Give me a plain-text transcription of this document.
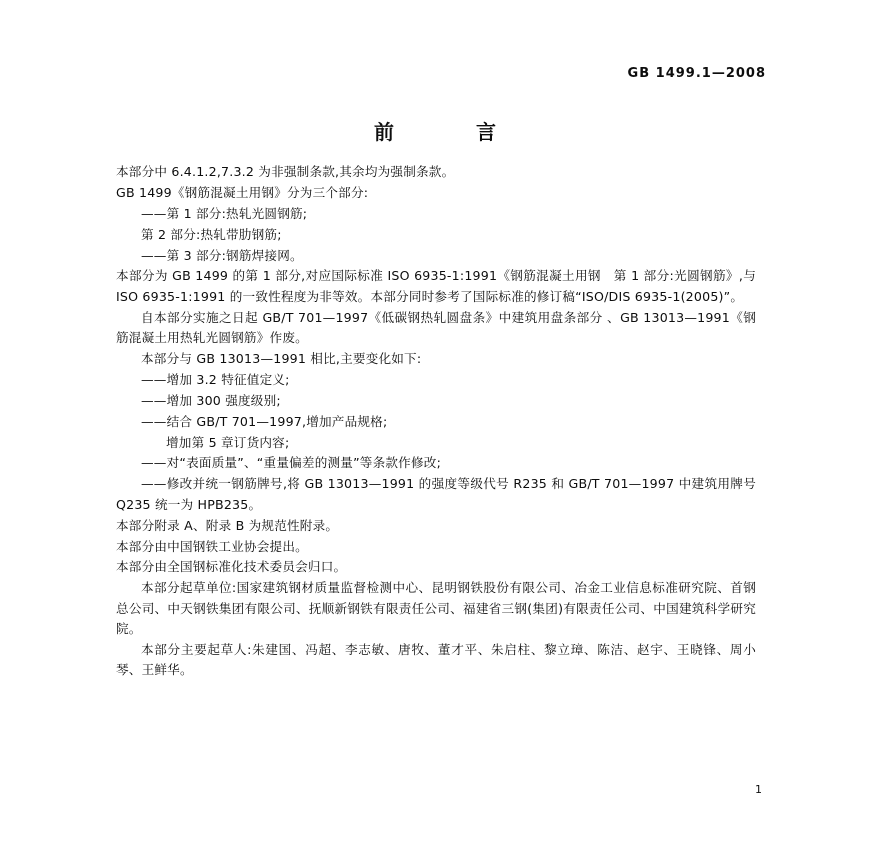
GB 1499.1—2008
前　　言

本部分中 6.4.1.2,7.3.2 为非强制条款,其余均为强制条款。

GB 1499《钢筋混凝土用钢》分为三个部分:

——第 1 部分:热轧光圆钢筋;

第 2 部分:热轧带肋钢筋;

——第 3 部分:钢筋焊接网。

本部分为 GB 1499 的第 1 部分,对应国际标准 ISO 6935-1:1991《钢筋混凝土用钢　第 1 部分:光圆钢筋》,与 ISO 6935-1:1991 的一致性程度为非等效。本部分同时参考了国际标准的修订稿“ISO/DIS 6935-1(2005)”。

自本部分实施之日起 GB/T 701—1997《低碳钢热轧圆盘条》中建筑用盘条部分 、GB 13013—1991《钢筋混凝土用热轧光圆钢筋》作废。

本部分与 GB 13013—1991 相比,主要变化如下:

——增加 3.2 特征值定义;

——增加 300 强度级别;

——结合 GB/T 701—1997,增加产品规格;

增加第 5 章订货内容;

——对“表面质量”、“重量偏差的测量”等条款作修改;

——修改并统一钢筋牌号,将 GB 13013—1991 的强度等级代号 R235 和 GB/T 701—1997 中建筑用牌号 Q235 统一为 HPB235。

本部分附录 A、附录 B 为规范性附录。

本部分由中国钢铁工业协会提出。

本部分由全国钢标准化技术委员会归口。

本部分起草单位:国家建筑钢材质量监督检测中心、昆明钢铁股份有限公司、冶金工业信息标准研究院、首钢总公司、中天钢铁集团有限公司、抚顺新钢铁有限责任公司、福建省三钢(集团)有限责任公司、中国建筑科学研究院。

本部分主要起草人:朱建国、冯超、李志敏、唐牧、董才平、朱启柱、黎立璋、陈洁、赵宇、王晓锋、周小琴、王鲜华。

1
